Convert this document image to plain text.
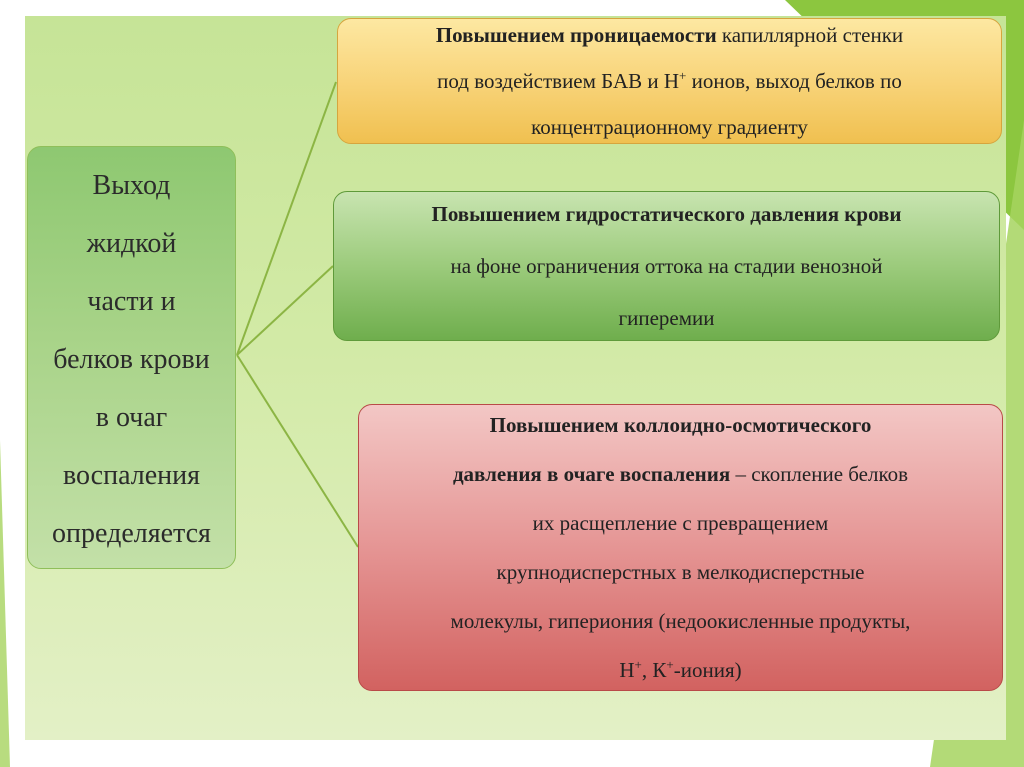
Выход
жидкой
части и
белков крови
в очаг
воспаления
определяется
Повышением проницаемости капиллярной стенки
под воздействием БАВ и Н+ ионов, выход белков по
концентрационному градиенту
Повышением гидростатического давления крови
на фоне ограничения оттока на стадии венозной
гиперемии
Повышением коллоидно-осмотического
давления в очаге воспаления – скопление белков
их расщепление с превращением
крупнодисперстных в мелкодисперстные
молекулы, гипериония (недоокисленные продукты,
Н+, К+-иония)
